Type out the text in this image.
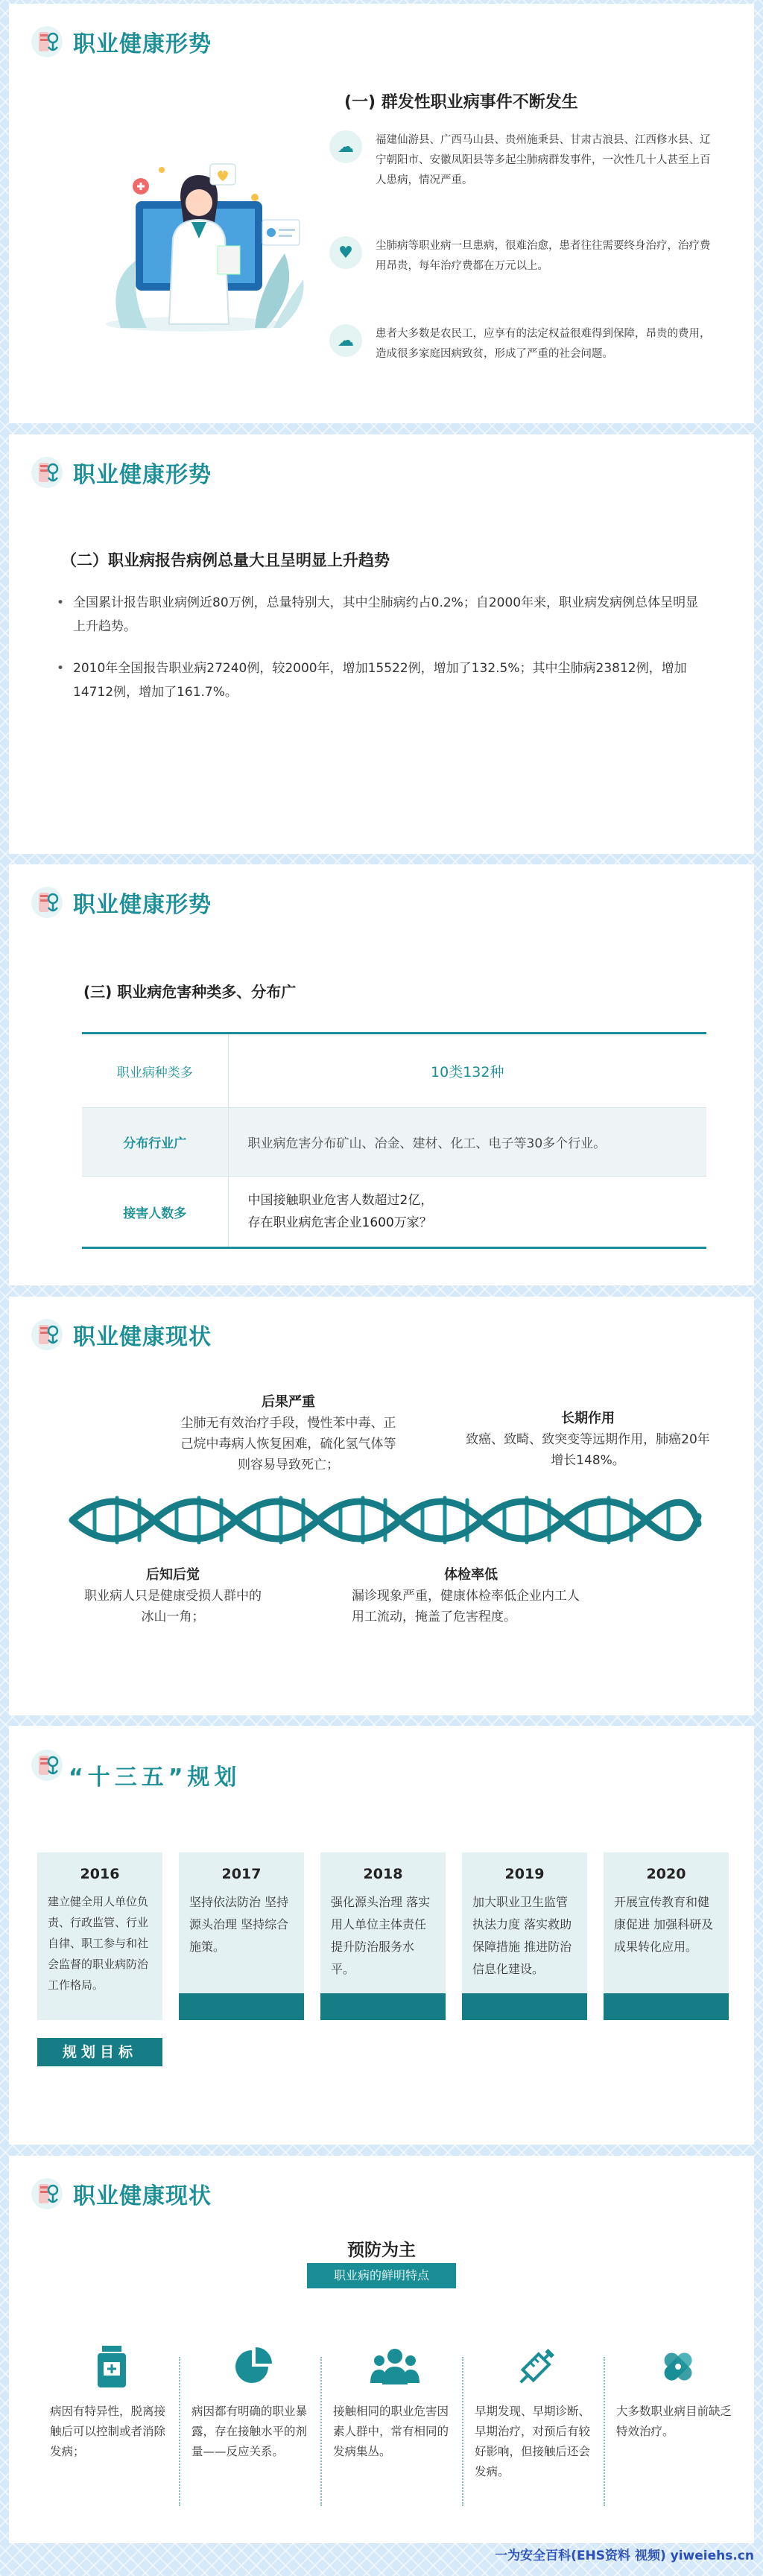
职业健康形势
(一) 群发性职业病事件不断发生
☁	福建仙游县、广西马山县、贵州施秉县、甘肃古浪县、江西修水县、辽宁朝阳市、安徽凤阳县等多起尘肺病群发事件，一次性几十人甚至上百人患病，情况严重。
♥	尘肺病等职业病一旦患病，很难治愈，患者往往需要终身治疗，治疗费用昂贵，每年治疗费都在万元以上。
☁	患者大多数是农民工，应享有的法定权益很难得到保障，昂贵的费用，造成很多家庭因病致贫，形成了严重的社会问题。
职业健康形势
（二）职业病报告病例总量大且呈明显上升趋势
• 全国累计报告职业病例近80万例，总量特别大，其中尘肺病约占0.2%；自2000年来，职业病发病例总体呈明显上升趋势。
• 2010年全国报告职业病27240例，较2000年，增加15522例，增加了132.5%；其中尘肺病23812例，增加14712例，增加了161.7%。
职业健康形势
(三) 职业病危害种类多、分布广
职业病种类多	10类132种
分布行业广	职业病危害分布矿山、冶金、建材、化工、电子等30多个行业。
接害人数多	中国接触职业危害人数超过2亿，
存在职业病危害企业1600万家？
职业健康现状
后果严重
尘肺无有效治疗手段，慢性苯中毒、正己烷中毒病人恢复困难，硫化氢气体等则容易导致死亡；
长期作用
致癌、致畸、致突变等远期作用，肺癌20年增长148%。
后知后觉
职业病人只是健康受损人群中的冰山一角；
体检率低
漏诊现象严重，健康体检率低企业内工人用工流动，掩盖了危害程度。
“十三五”规划
2016
建立健全用人单位负责、行政监管、行业自律、职工参与和社会监督的职业病防治工作格局。
规划目标
2017
坚持依法防治 坚持源头治理 坚持综合施策。
2018
强化源头治理 落实用人单位主体责任 提升防治服务水平。
2019
加大职业卫生监管执法力度 落实救助保障措施 推进防治信息化建设。
2020
开展宣传教育和健康促进 加强科研及成果转化应用。
职业健康现状
预防为主
职业病的鲜明特点
病因有特异性，脱离接触后可以控制或者消除发病；
病因都有明确的职业暴露，存在接触水平的剂量——反应关系。
接触相同的职业危害因素人群中，常有相同的发病集丛。
早期发现、早期诊断、早期治疗，对预后有较好影响，但接触后还会发病。
大多数职业病目前缺乏特效治疗。
一为安全百科(EHS资料 视频) yiweiehs.cn
